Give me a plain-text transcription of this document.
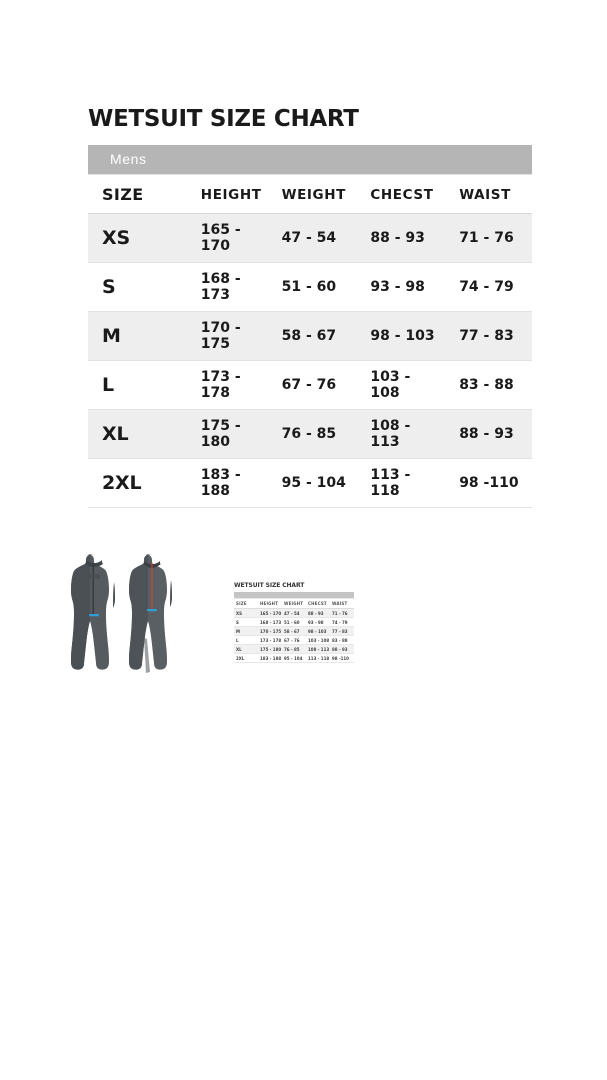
WETSUIT SIZE CHART
Mens				
SIZE	HEIGHT	WEIGHT	CHECST	WAIST
XS	165 - 170	47 - 54	88 - 93	71 - 76
S	168 - 173	51 - 60	93 - 98	74 - 79
M	170 - 175	58 - 67	98 - 103	77 - 83
L	173 - 178	67 - 76	103 - 108	83 - 88
XL	175 - 180	76 - 85	108 - 113	88 - 93
2XL	183 - 188	95 - 104	113 - 118	98 -110
WETSUIT SIZE CHART

SIZE	HEIGHT	WEIGHT	CHECST	WAIST
XS	165 - 170	47 - 54	88 - 93	71 - 76
S	168 - 173	51 - 60	93 - 98	74 - 79
M	170 - 175	58 - 67	98 - 103	77 - 83
L	173 - 178	67 - 76	103 - 108	83 - 88
XL	175 - 180	76 - 85	108 - 113	88 - 93
2XL	183 - 188	95 - 104	113 - 118	98 -110
